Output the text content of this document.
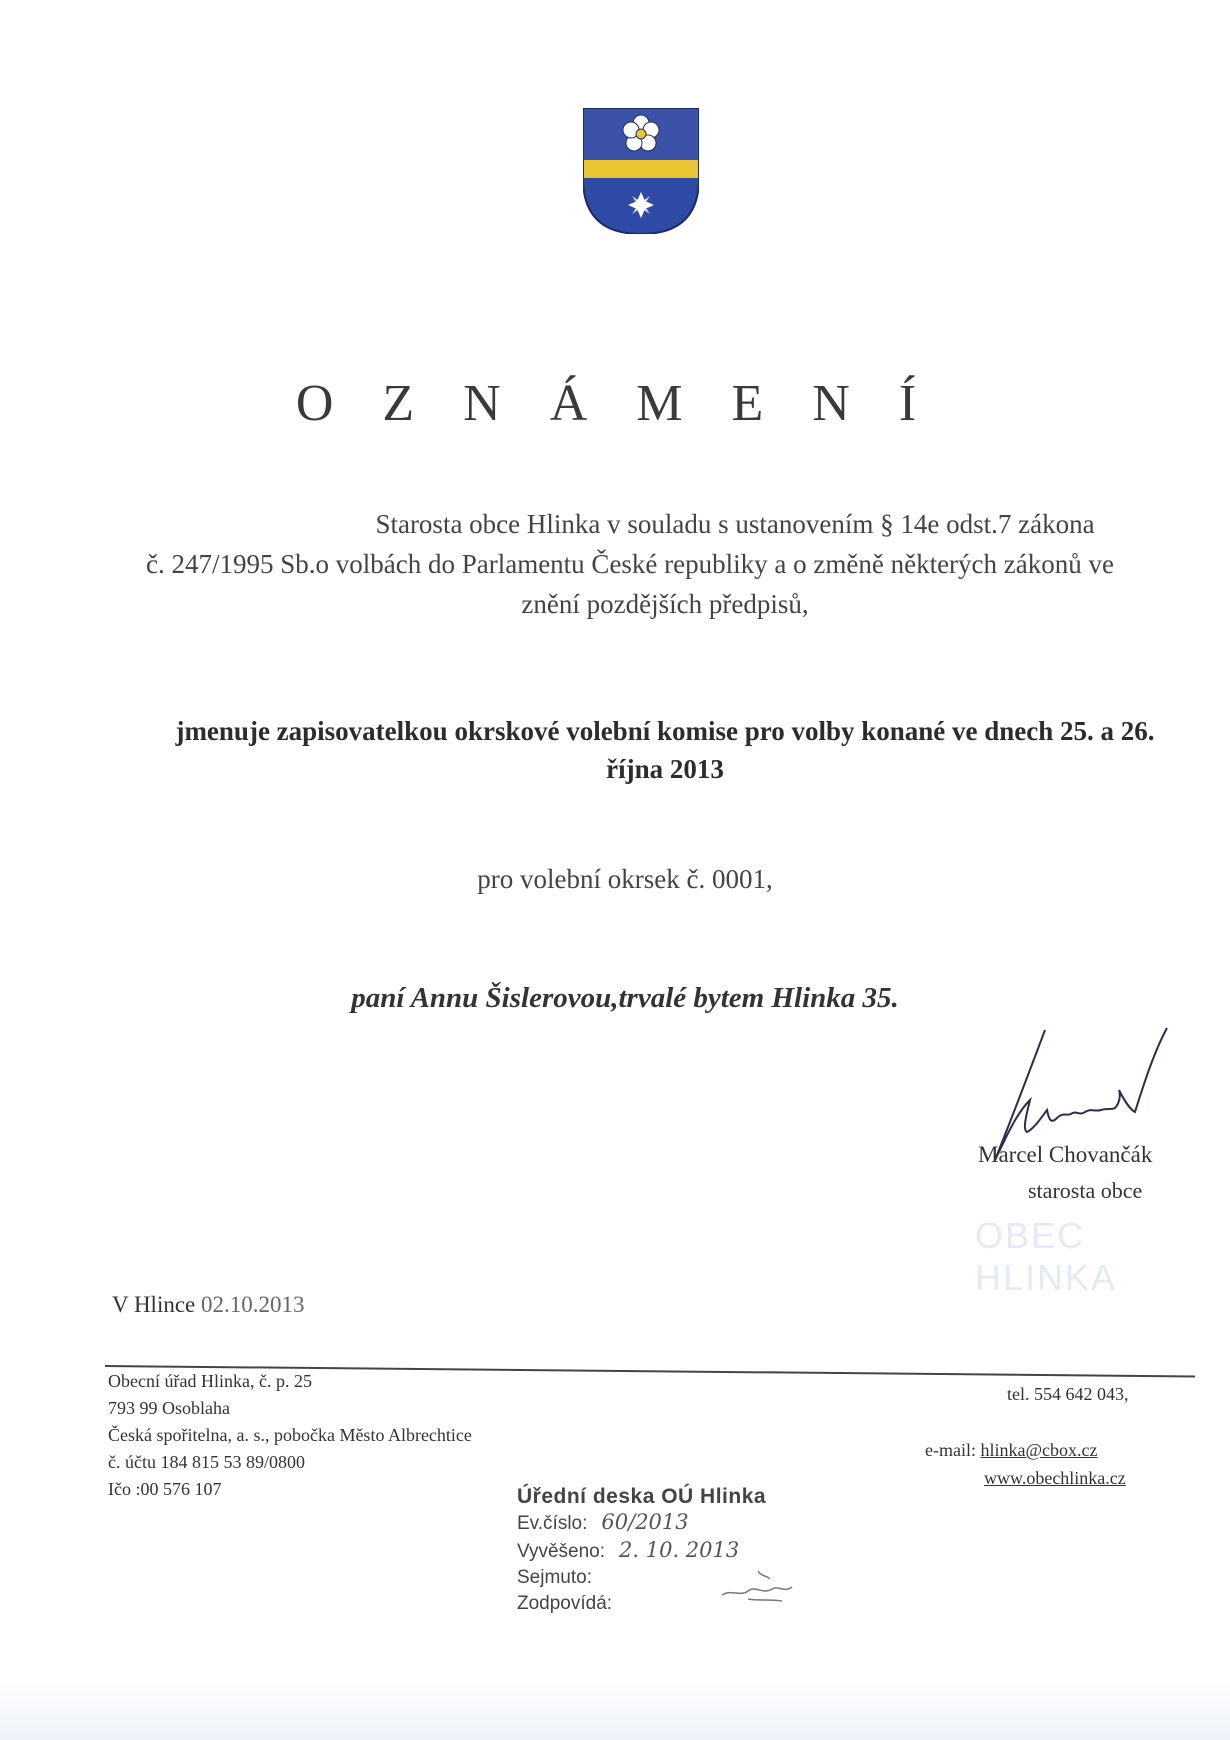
O Z N Á M E N Í
Starosta obce Hlinka v souladu s ustanovením § 14e odst.7 zákona
č. 247/1995 Sb.o volbách do Parlamentu České republiky a o změně některých zákonů ve
znění pozdějších předpisů,
jmenuje zapisovatelkou okrskové volební komise pro volby konané ve dnech 25. a 26.
října 2013
pro volební okrsek č. 0001,
paní Annu Šislerovou,trvalé bytem Hlinka 35.
Marcel Chovančák
starosta obce
OBEC HLINKA
V Hlince 02.10.2013
Obecní úřad Hlinka, č. p. 25
793 99 Osoblaha
Česká spořitelna, a. s., pobočka Město Albrechtice
č. účtu 184 815 53 89/0800
Ičo :00 576 107
tel. 554 642 043,
e-mail: hlinka@cbox.cz
www.obechlinka.cz
Úřední deska OÚ Hlinka
Ev.číslo: 60/2013
Vyvěšeno: 2. 10. 2013
Sejmuto:
Zodpovídá:
